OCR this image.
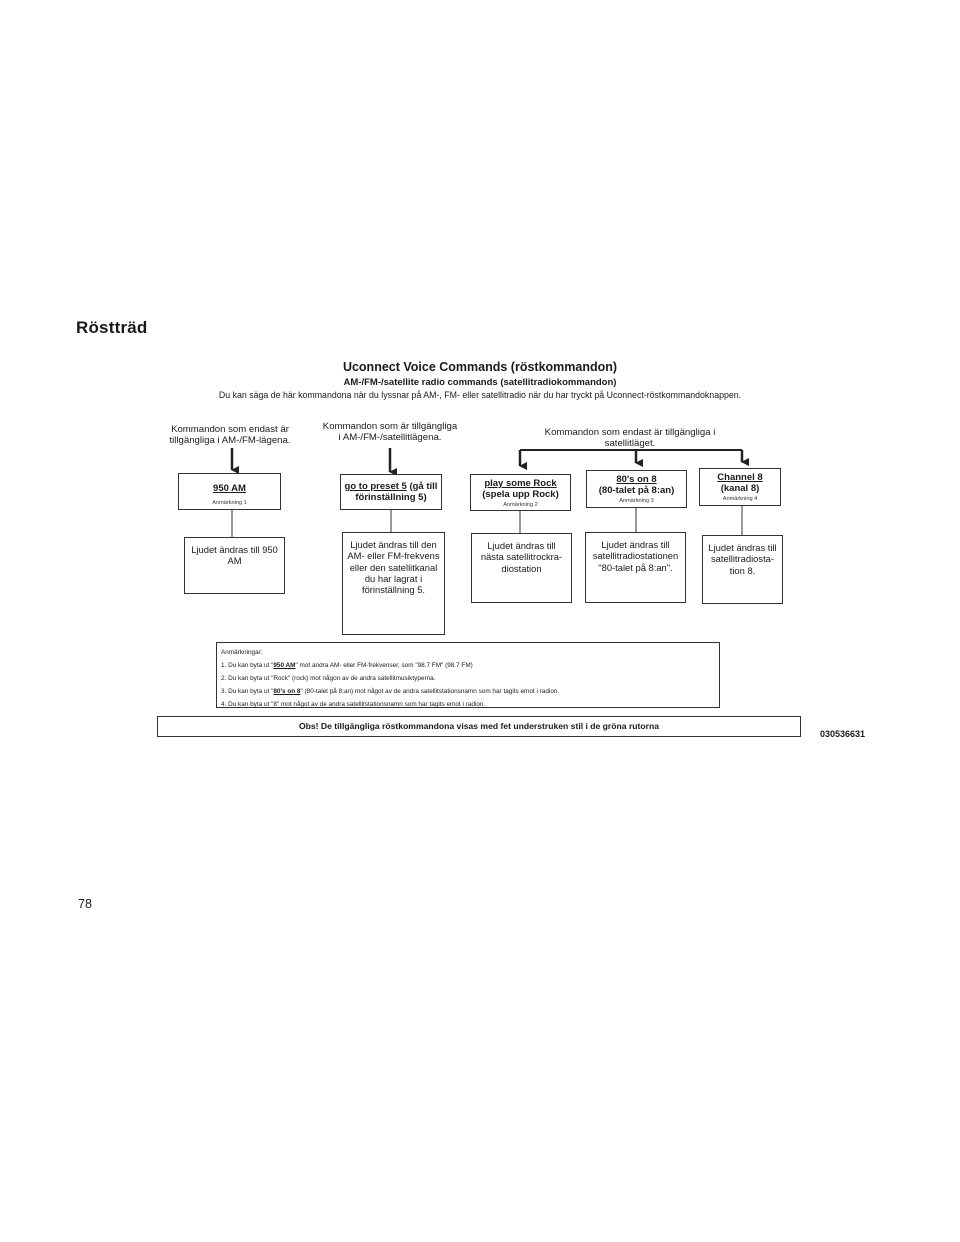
Röstträd
Uconnect Voice Commands (röstkommandon)
AM-/FM-/satellite radio commands (satellitradiokommandon)
Du kan säga de här kommandona när du lyssnar på AM-, FM- eller satellitradio när du har tryckt på Uconnect-röstkommandoknappen.
Kommandon som endast är
tillgängliga i AM-/FM-lägena.
Kommandon som är tillgängliga
i AM-/FM-/satellitlägena.	Kommandon som endast är tillgängliga i
satellitläget.
950 AM
Anmärkning 1
go to preset 5 (gå till
förinställning 5)
play some Rock
(spela upp Rock)
Anmärkning 2
80's on 8
(80-talet på 8:an)
Anmärkning 3
Channel 8
(kanal 8)
Anmärkning 4
Ljudet ändras till 950
AM
Ljudet ändras till den
AM- eller FM-frekvens
eller den satellitkanal
du har lagrat i
förinställning 5.
Ljudet ändras till
nästa satellitrockra-
diostation
Ljudet ändras till
satellitradiostationen
"80-talet på 8:an".
Ljudet ändras till
satellitradiosta-
tion 8.
Anmärkningar:
1. Du kan byta ut "950 AM" mot andra AM- eller FM-frekvenser, som "98.7 FM" (98.7 FM)
2. Du kan byta ut "Rock" (rock) mot någon av de andra satellitmusiktyperna.
3. Du kan byta ut "80's on 8" (80-talet på 8:an) mot något av de andra satellitstationsnamn som har tagits emot i radion.
4. Du kan byta ut "8" mot något av de andra satellitstationsnamn som har tagits emot i radion.
Obs! De tillgängliga röstkommandona visas med fet understruken stil i de gröna rutorna
030536631
78
